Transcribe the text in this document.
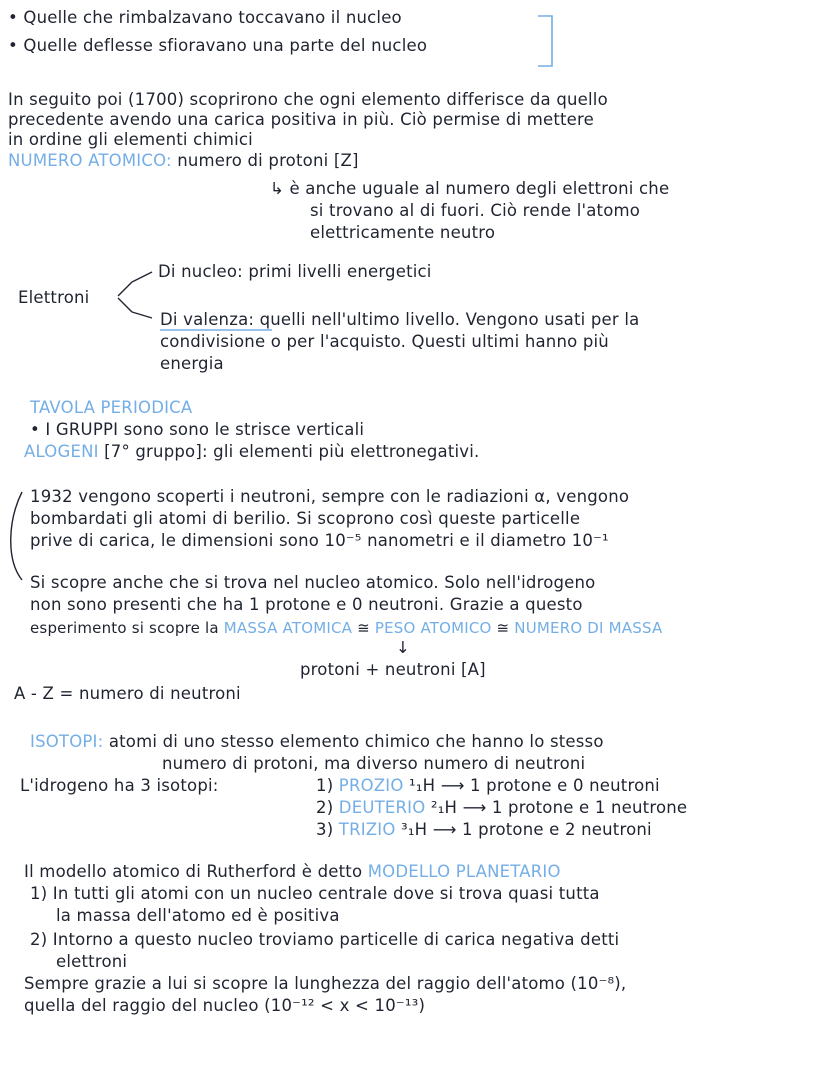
• Quelle che rimbalzavano toccavano il nucleo
• Quelle deflesse sfioravano una parte del nucleo
In seguito poi (1700) scoprirono che ogni elemento differisce da quello
precedente avendo una carica positiva in più. Ciò permise di mettere
in ordine gli elementi chimici
NUMERO ATOMICO: numero di protoni [Z]
↳ è anche uguale al numero degli elettroni che
si trovano al di fuori. Ciò rende l'atomo
elettricamente neutro
Elettroni
Di nucleo: primi livelli energetici
Di valenza: quelli nell'ultimo livello. Vengono usati per la
condivisione o per l'acquisto. Questi ultimi hanno più
energia
TAVOLA PERIODICA
• I GRUPPI sono sono le strisce verticali
ALOGENI [7° gruppo]: gli elementi più elettronegativi.
1932 vengono scoperti i neutroni, sempre con le radiazioni α, vengono
bombardati gli atomi di berilio. Si scoprono così queste particelle
prive di carica, le dimensioni sono 10⁻⁵ nanometri e il diametro 10⁻¹
Si scopre anche che si trova nel nucleo atomico. Solo nell'idrogeno
non sono presenti che ha 1 protone e 0 neutroni. Grazie a questo
esperimento si scopre la MASSA ATOMICA ≅ PESO ATOMICO ≅ NUMERO DI MASSA
↓
protoni + neutroni [A]
A - Z = numero di neutroni
ISOTOPI: atomi di uno stesso elemento chimico che hanno lo stesso
numero di protoni, ma diverso numero di neutroni
L'idrogeno ha 3 isotopi:	1) PROZIO ¹₁H ⟶ 1 protone e 0 neutroni
2) DEUTERIO ²₁H ⟶ 1 protone e 1 neutrone
3) TRIZIO ³₁H ⟶ 1 protone e 2 neutroni
Il modello atomico di Rutherford è detto MODELLO PLANETARIO
1) In tutti gli atomi con un nucleo centrale dove si trova quasi tutta
la massa dell'atomo ed è positiva
2) Intorno a questo nucleo troviamo particelle di carica negativa detti
elettroni
Sempre grazie a lui si scopre la lunghezza del raggio dell'atomo (10⁻⁸),
quella del raggio del nucleo (10⁻¹² < x < 10⁻¹³)
